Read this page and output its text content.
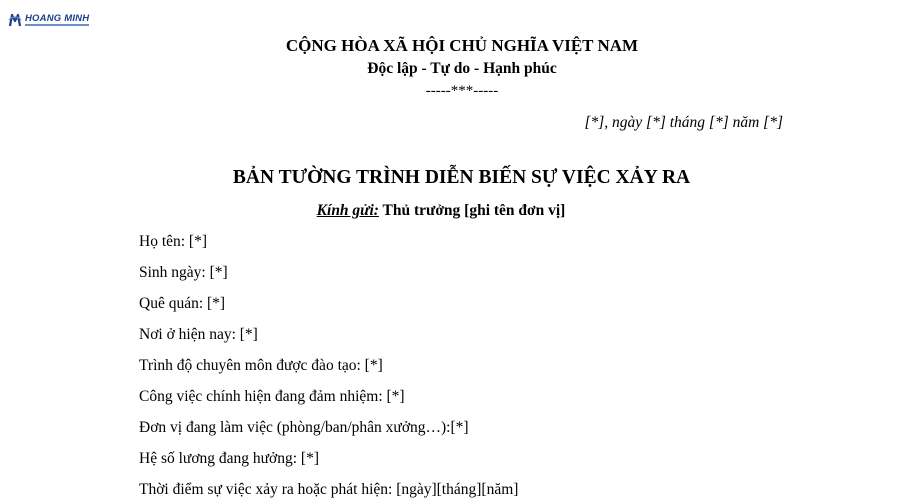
HOANG MINH
CỘNG HÒA XÃ HỘI CHỦ NGHĨA VIỆT NAM
Độc lập - Tự do - Hạnh phúc
-----***-----
[*], ngày [*] tháng [*] năm [*]
BẢN TƯỜNG TRÌNH DIỄN BIẾN SỰ VIỆC XẢY RA
Kính gửi: Thủ trưởng [ghi tên đơn vị]
Họ tên: [*]
Sinh ngày: [*]
Quê quán: [*]
Nơi ở hiện nay: [*]
Trình độ chuyên môn được đào tạo: [*]
Công việc chính hiện đang đảm nhiệm: [*]
Đơn vị đang làm việc (phòng/ban/phân xưởng…):[*]
Hệ số lương đang hưởng: [*]
Thời điểm sự việc xảy ra hoặc phát hiện: [ngày][tháng][năm]
